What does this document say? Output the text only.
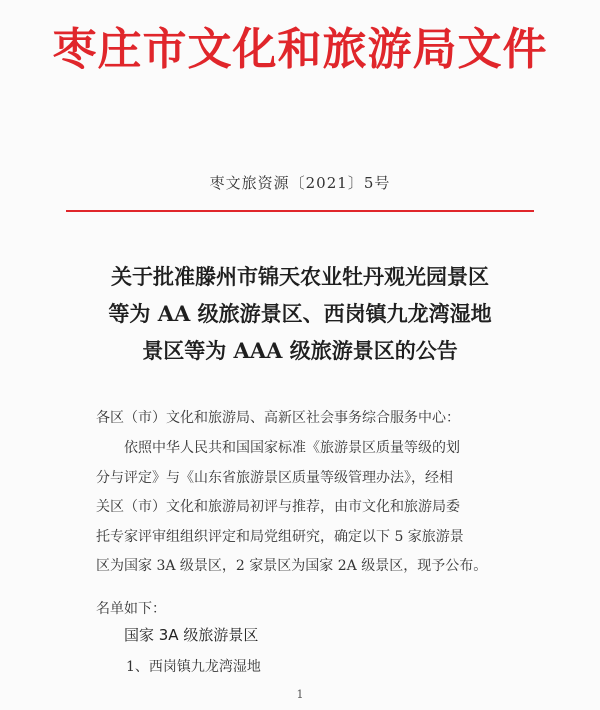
枣庄市文化和旅游局文件
枣文旅资源〔2021〕5号
关于批准滕州市锦天农业牡丹观光园景区
等为 AA 级旅游景区、西岗镇九龙湾湿地
景区等为 AAA 级旅游景区的公告
各区（市）文化和旅游局、高新区社会事务综合服务中心：
依照中华人民共和国国家标准《旅游景区质量等级的划
分与评定》与《山东省旅游景区质量等级管理办法》，经相
关区（市）文化和旅游局初评与推荐，由市文化和旅游局委
托专家评审组组织评定和局党组研究，确定以下 5 家旅游景
区为国家 3A 级景区，2 家景区为国家 2A 级景区，现予公布。
名单如下：
国家 3A 级旅游景区
1、西岗镇九龙湾湿地
1
